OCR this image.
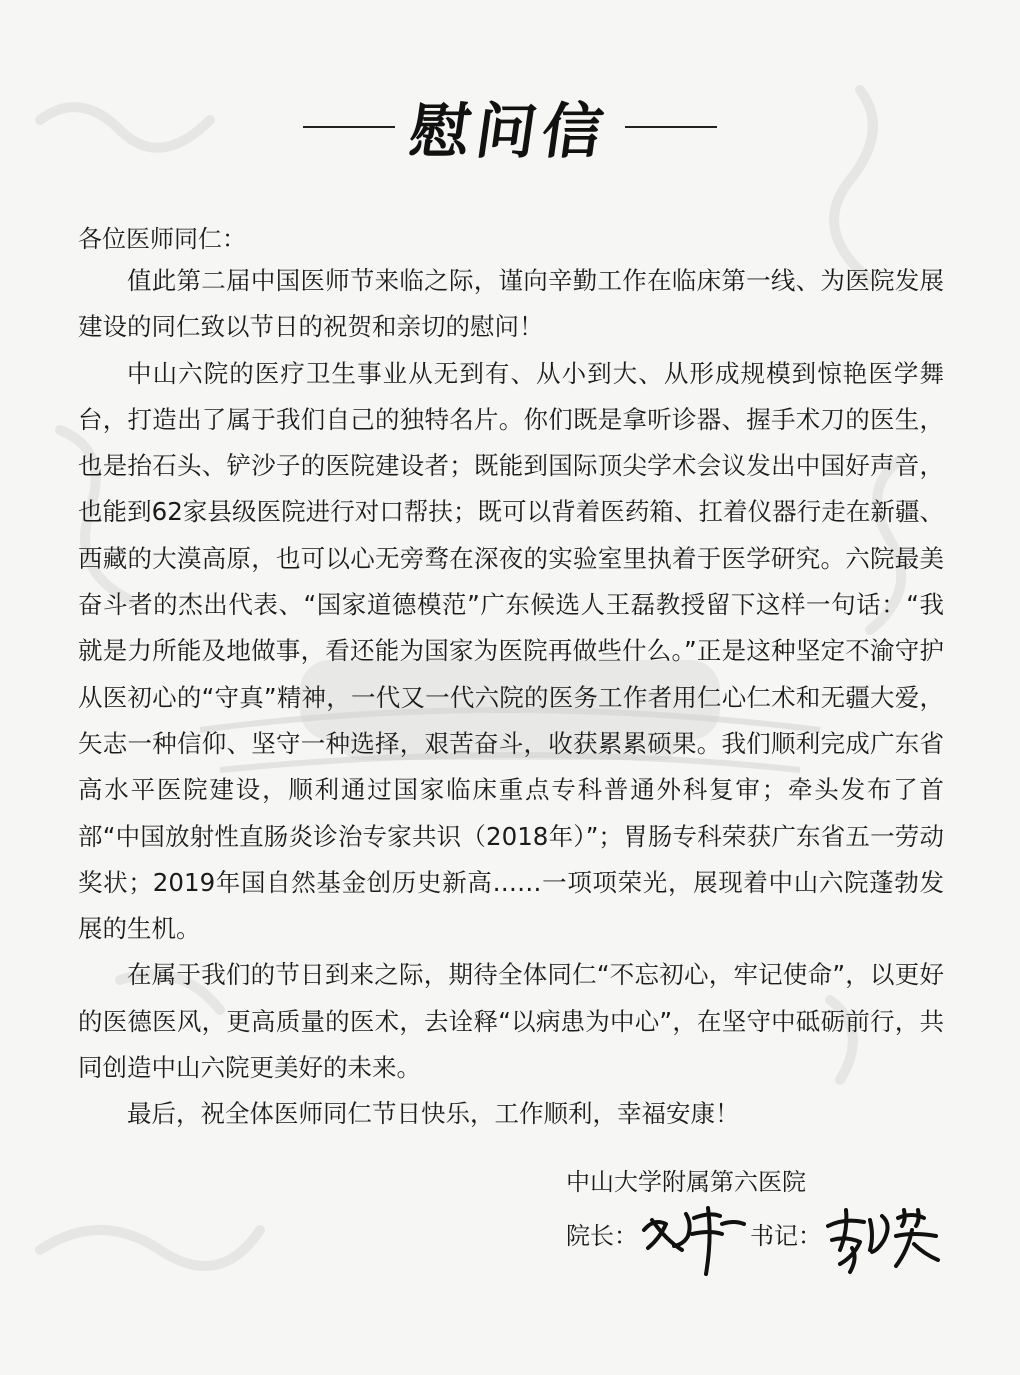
慰问信
各位医师同仁：

值此第二届中国医师节来临之际，谨向辛勤工作在临床第一线、为医院发展建设的同仁致以节日的祝贺和亲切的慰问！

中山六院的医疗卫生事业从无到有、从小到大、从形成规模到惊艳医学舞台，打造出了属于我们自己的独特名片。你们既是拿听诊器、握手术刀的医生，也是抬石头、铲沙子的医院建设者；既能到国际顶尖学术会议发出中国好声音，也能到62家县级医院进行对口帮扶；既可以背着医药箱、扛着仪器行走在新疆、西藏的大漠高原，也可以心无旁骛在深夜的实验室里执着于医学研究。六院最美奋斗者的杰出代表、“国家道德模范”广东候选人王磊教授留下这样一句话：“我就是力所能及地做事，看还能为国家为医院再做些什么。”正是这种坚定不渝守护从医初心的“守真”精神，一代又一代六院的医务工作者用仁心仁术和无疆大爱，矢志一种信仰、坚守一种选择，艰苦奋斗，收获累累硕果。我们顺利完成广东省高水平医院建设，顺利通过国家临床重点专科普通外科复审；牵头发布了首部“中国放射性直肠炎诊治专家共识（2018年）”；胃肠专科荣获广东省五一劳动奖状；2019年国自然基金创历史新高……一项项荣光，展现着中山六院蓬勃发展的生机。

在属于我们的节日到来之际，期待全体同仁“不忘初心，牢记使命”，以更好的医德医风，更高质量的医术，去诠释“以病患为中心”，在坚守中砥砺前行，共同创造中山六院更美好的未来。

最后，祝全体医师同仁节日快乐，工作顺利，幸福安康！

中山大学附属第六医院
院长：	书记：
